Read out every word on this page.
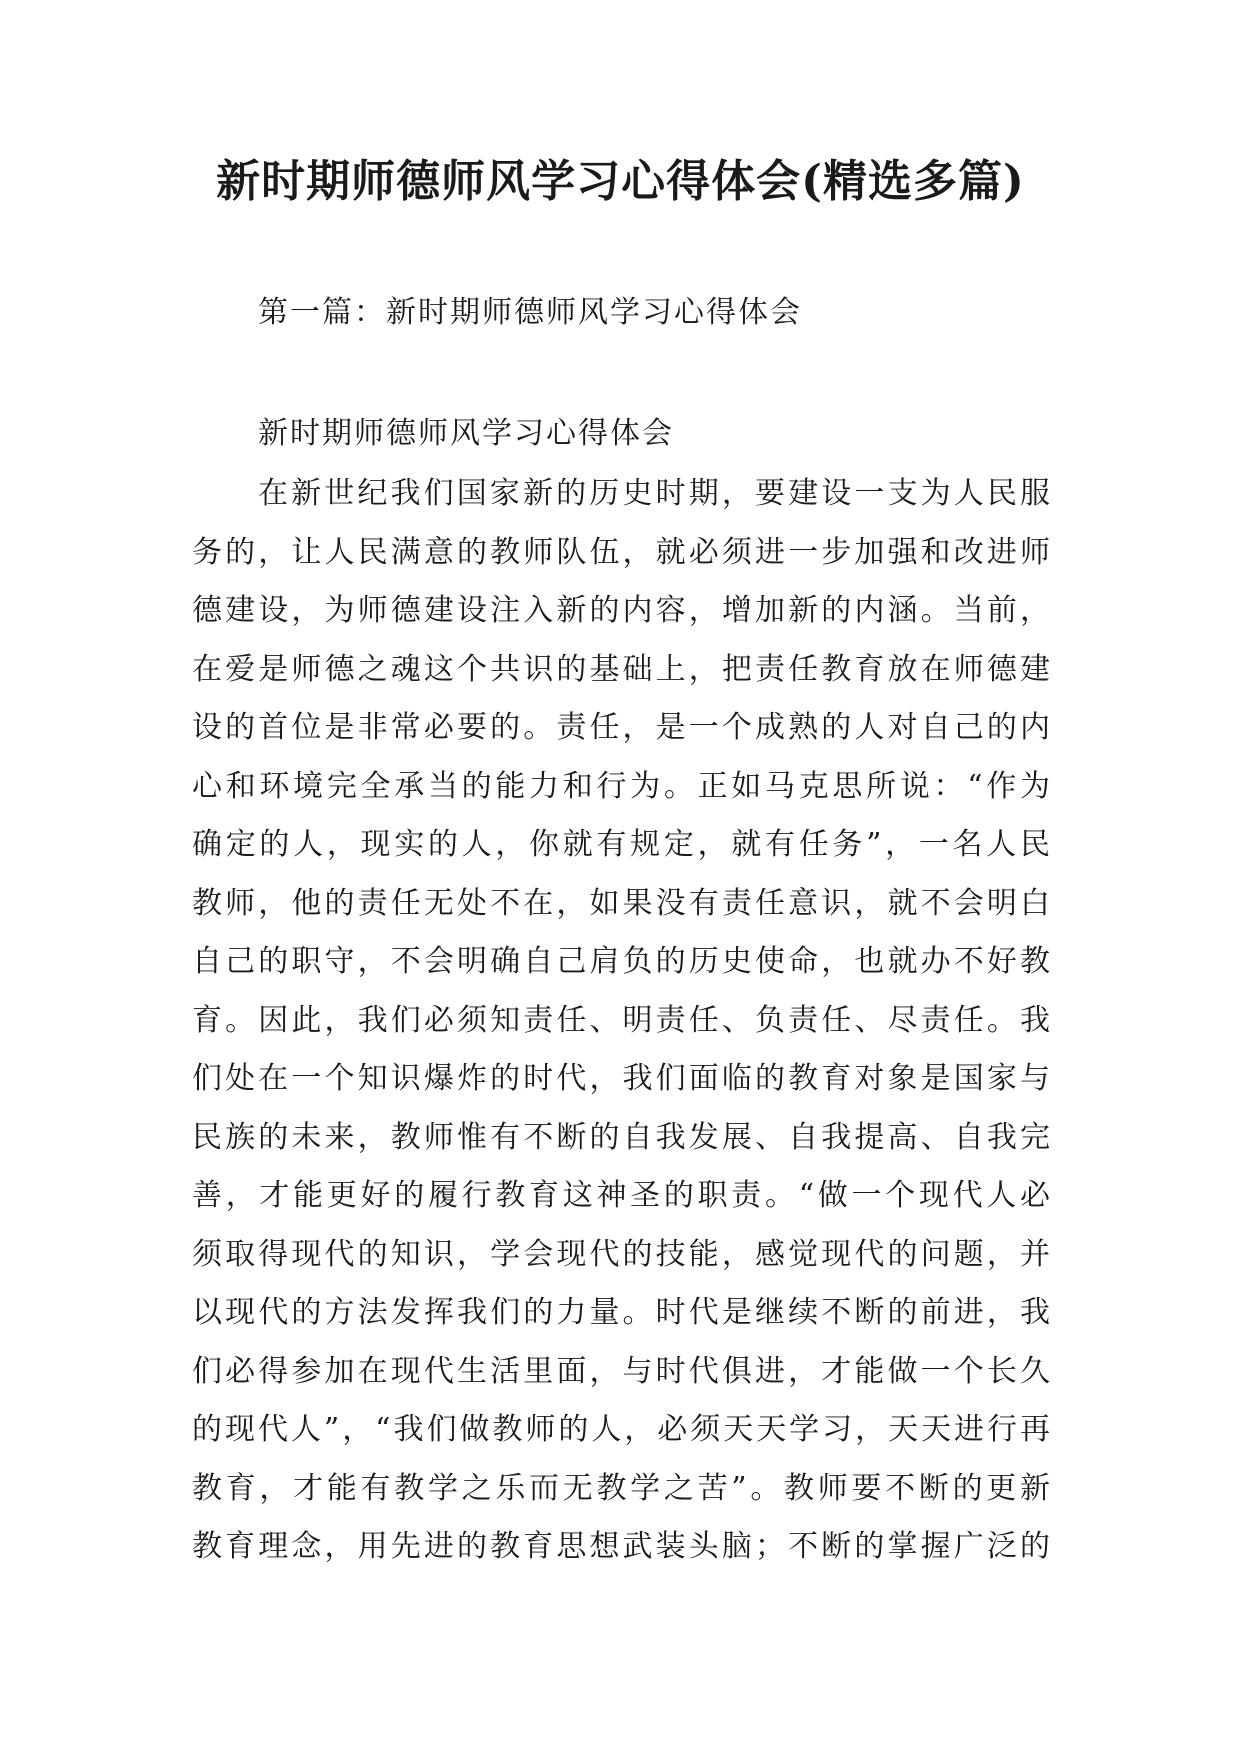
新时期师德师风学习心得体会(精选多篇)

第一篇：新时期师德师风学习心得体会

新时期师德师风学习心得体会

在新世纪我们国家新的历史时期，要建设一支为人民服
务的，让人民满意的教师队伍，就必须进一步加强和改进师
德建设，为师德建设注入新的内容，增加新的内涵。当前，
在爱是师德之魂这个共识的基础上，把责任教育放在师德建
设的首位是非常必要的。责任，是一个成熟的人对自己的内
心和环境完全承当的能力和行为。正如马克思所说：“作为
确定的人，现实的人，你就有规定，就有任务”，一名人民
教师，他的责任无处不在，如果没有责任意识，就不会明白
自己的职守，不会明确自己肩负的历史使命，也就办不好教
育。因此，我们必须知责任、明责任、负责任、尽责任。我
们处在一个知识爆炸的时代，我们面临的教育对象是国家与
民族的未来，教师惟有不断的自我发展、自我提高、自我完
善，才能更好的履行教育这神圣的职责。“做一个现代人必
须取得现代的知识，学会现代的技能，感觉现代的问题，并
以现代的方法发挥我们的力量。时代是继续不断的前进，我
们必得参加在现代生活里面，与时代俱进，才能做一个长久
的现代人”，“我们做教师的人，必须天天学习，天天进行再
教育，才能有教学之乐而无教学之苦”。教师要不断的更新
教育理念，用先进的教育思想武装头脑；不断的掌握广泛的
